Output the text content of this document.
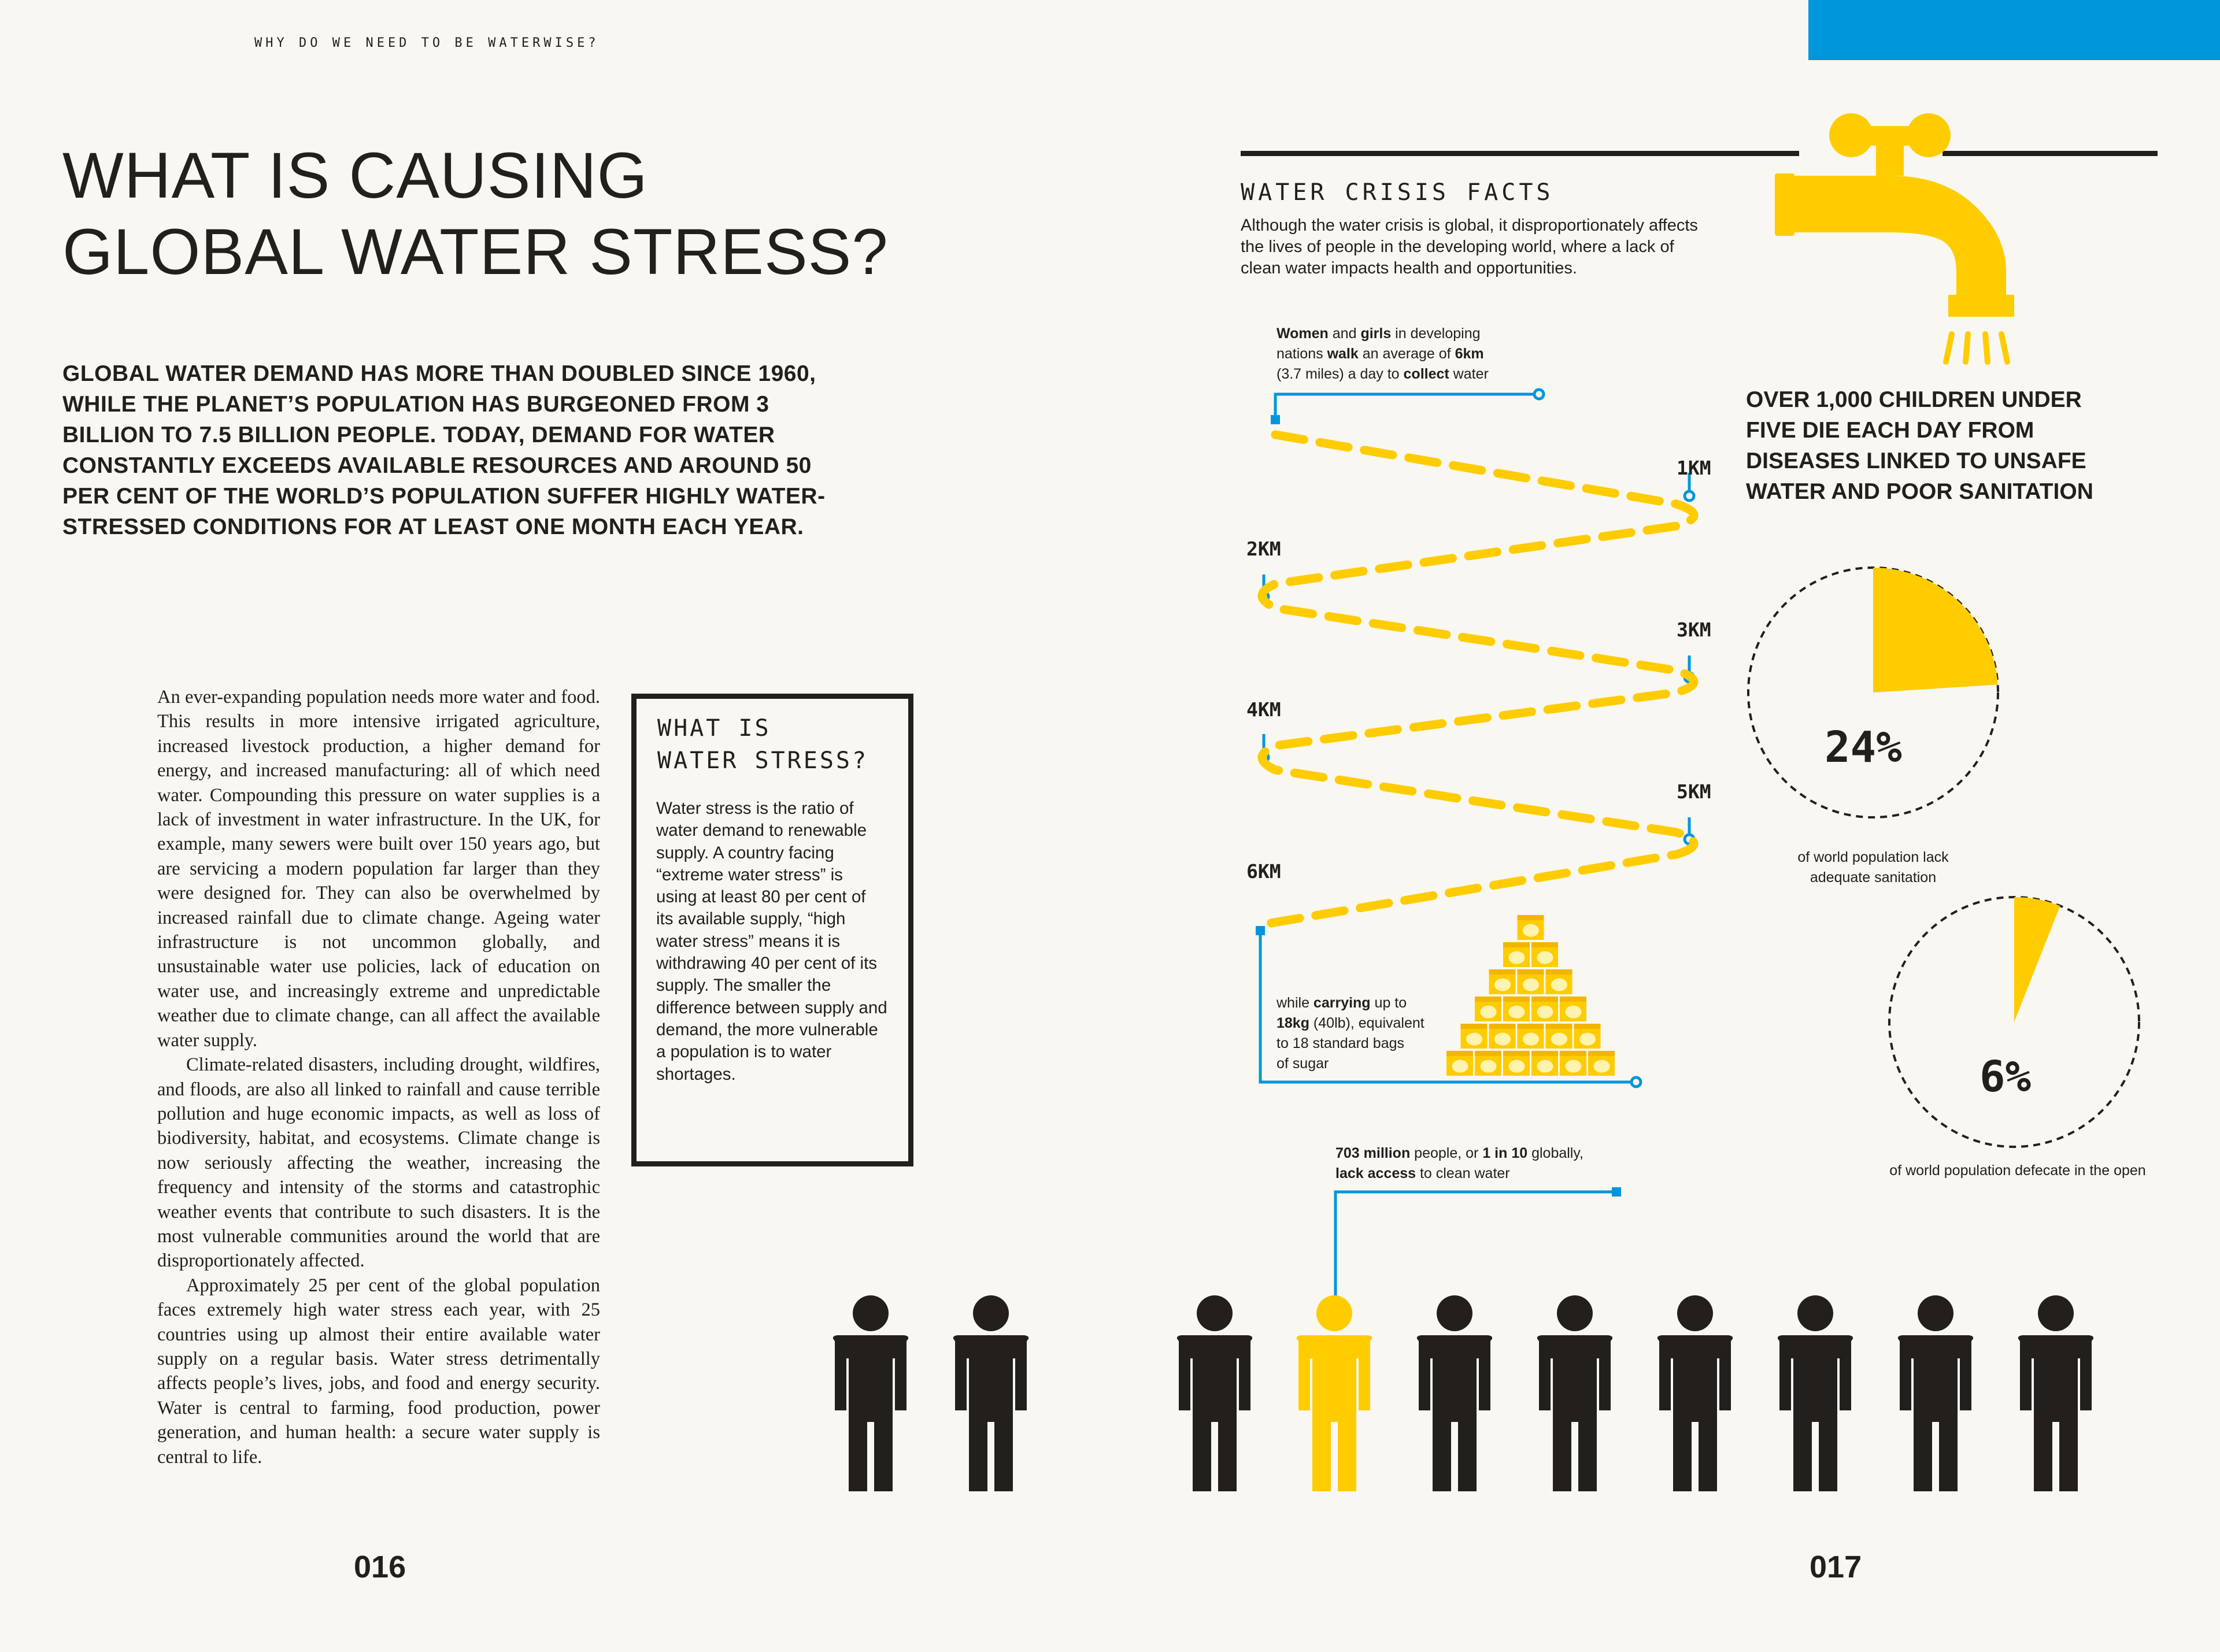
WHY DO WE NEED TO BE WATERWISE?
WHAT IS CAUSING
GLOBAL WATER STRESS?
GLOBAL WATER DEMAND HAS MORE THAN DOUBLED SINCE 1960, WHILE THE PLANET’S POPULATION HAS BURGEONED FROM 3 BILLION TO 7.5 BILLION PEOPLE. TODAY, DEMAND FOR WATER CONSTANTLY EXCEEDS AVAILABLE RESOURCES AND AROUND 50 PER CENT OF THE WORLD’S POPULATION SUFFER HIGHLY WATER-STRESSED CONDITIONS FOR AT LEAST ONE MONTH EACH YEAR.

An ever-expanding population needs more water and food. This results in more intensive irrigated agriculture, increased livestock production, a higher demand for energy, and increased manufacturing: all of which need water. Compounding this pressure on water supplies is a lack of investment in water infrastructure. In the UK, for example, many sewers were built over 150 years ago, but are servicing a modern population far larger than they were designed for. They can also be overwhelmed by increased rainfall due to climate change. Ageing water infrastructure is not uncommon globally, and unsustainable water use policies, lack of education on water use, and increasingly extreme and unpredictable weather due to climate change, can all affect the available water supply.

Climate-related disasters, including drought, wildfires, and floods, are also all linked to rainfall and cause terrible pollution and huge economic impacts, as well as loss of biodiversity, habitat, and ecosystems. Climate change is now seriously affecting the weather, increasing the frequency and intensity of the storms and catastrophic weather events that contribute to such disasters. It is the most vulnerable communities around the world that are disproportionately affected.

Approximately 25 per cent of the global population faces extremely high water stress each year, with 25 countries using up almost their entire available water supply on a regular basis. Water stress detrimentally affects people’s lives, jobs, and food and energy security. Water is central to farming, food production, power generation, and human health: a secure water supply is central to life.

WHAT IS
WATER STRESS?
Water stress is the ratio of water demand to renewable supply. A country facing “extreme water stress” is using at least 80 per cent of its available supply, “high water stress” means it is withdrawing 40 per cent of its supply. The smaller the difference between supply and demand, the more vulnerable a population is to water shortages.
016	017
WATER CRISIS FACTS
Although the water crisis is global, it disproportionately affects the lives of people in the developing world, where a lack of clean water impacts health and opportunities.
Women and girls in developing
nations walk an average of 6km
(3.7 miles) a day to collect water
1KM
2KM
3KM
4KM
5KM
6KM
while carrying up to
18kg (40lb), equivalent
to 18 standard bags
of sugar
OVER 1,000 CHILDREN UNDER FIVE DIE EACH DAY FROM DISEASES LINKED TO UNSAFE WATER AND POOR SANITATION
24%
of world population lack
adequate sanitation
6%
of world population defecate in the open
703 million people, or 1 in 10 globally,
lack access to clean water
